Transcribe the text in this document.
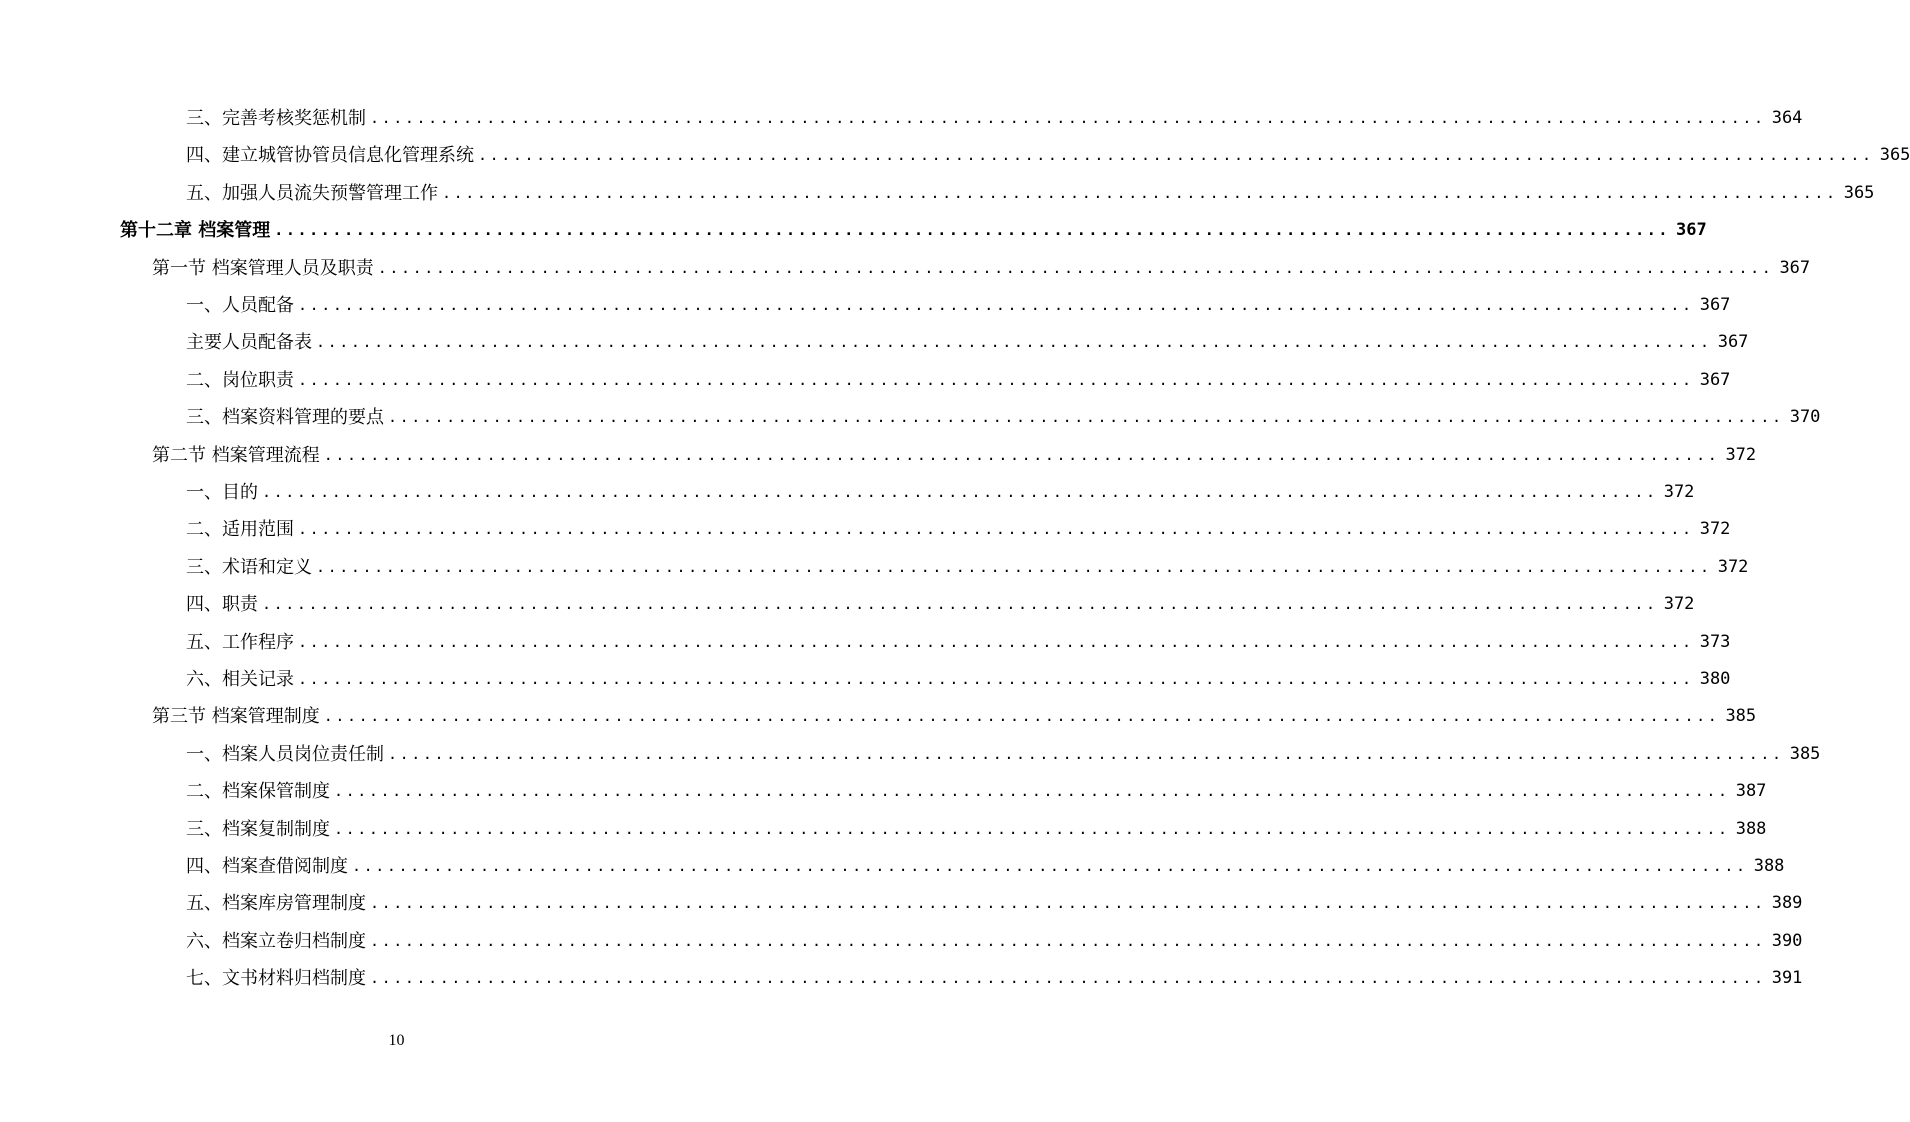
三、完善考核奖惩机制 ........................................................................................................................ 364
四、建立城管协管员信息化管理系统 ........................................................................................................................ 365
五、加强人员流失预警管理工作 ........................................................................................................................ 365
第十二章 档案管理 ........................................................................................................................ 367
第一节 档案管理人员及职责 ........................................................................................................................ 367
一、人员配备 ........................................................................................................................ 367
主要人员配备表 ........................................................................................................................ 367
二、岗位职责 ........................................................................................................................ 367
三、档案资料管理的要点 ........................................................................................................................ 370
第二节 档案管理流程 ........................................................................................................................ 372
一、目的 ........................................................................................................................ 372
二、适用范围 ........................................................................................................................ 372
三、术语和定义 ........................................................................................................................ 372
四、职责 ........................................................................................................................ 372
五、工作程序 ........................................................................................................................ 373
六、相关记录 ........................................................................................................................ 380
第三节 档案管理制度 ........................................................................................................................ 385
一、档案人员岗位责任制 ........................................................................................................................ 385
二、档案保管制度 ........................................................................................................................ 387
三、档案复制制度 ........................................................................................................................ 388
四、档案查借阅制度 ........................................................................................................................ 388
五、档案库房管理制度 ........................................................................................................................ 389
六、档案立卷归档制度 ........................................................................................................................ 390
七、文书材料归档制度 ........................................................................................................................ 391
10
